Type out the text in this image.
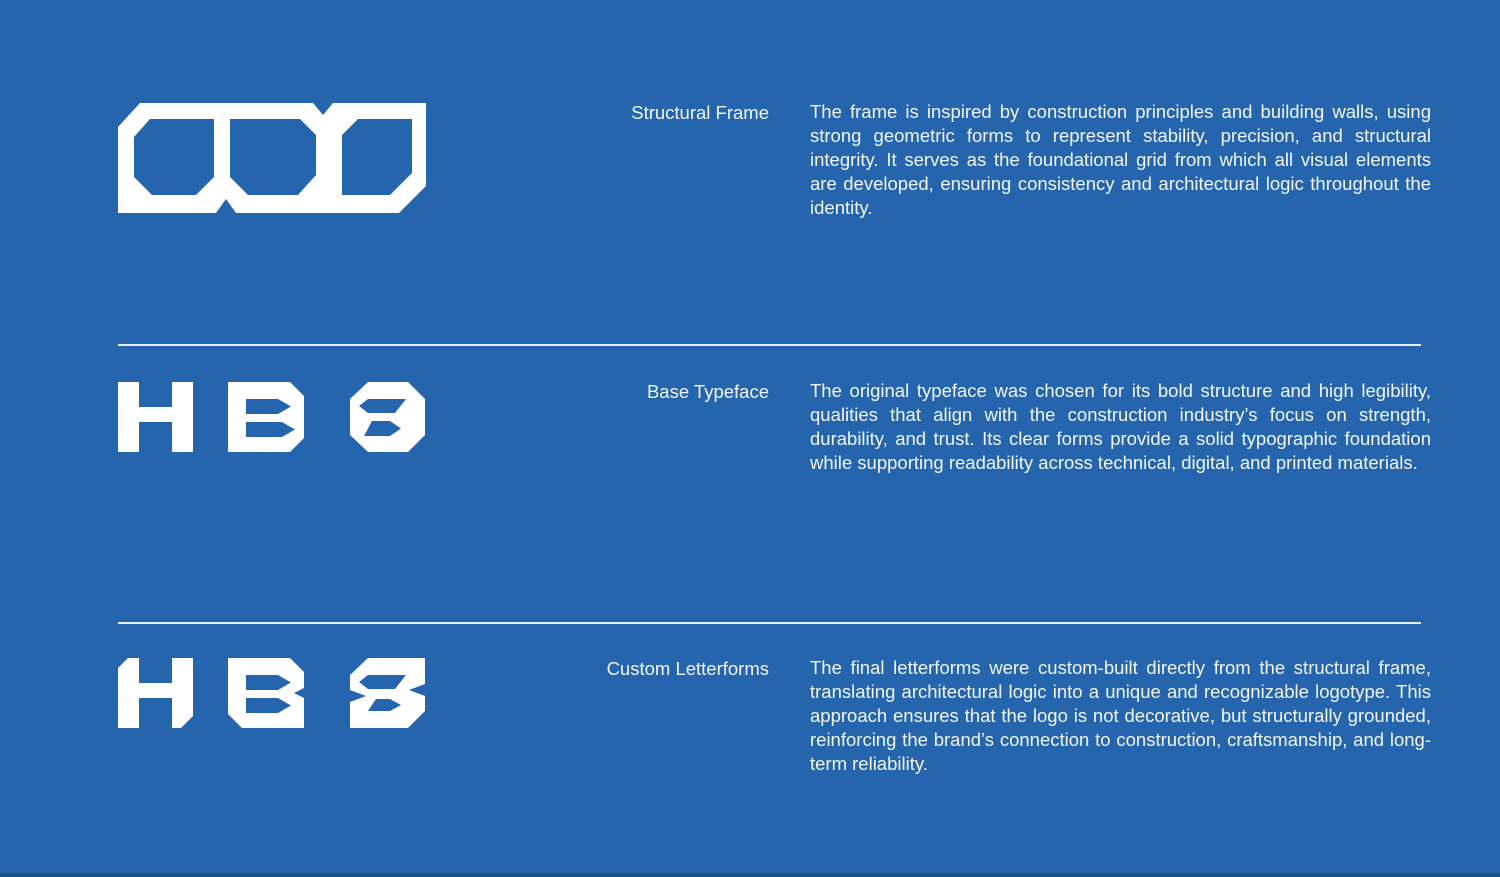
Structural Frame The frame is inspired by construction principles and building walls, using strong geometric forms to represent stability, precision, and structural integrity. It serves as the foundational grid from which all visual elements are developed, ensuring consistency and architectural logic throughout the identity.
Base Typeface The original typeface was chosen for its bold structure and high legibility, qualities that align with the construction industry’s focus on strength, durability, and trust. Its clear forms provide a solid typographic foundation while supporting readability across technical, digital, and printed materials.
Custom Letterforms The final letterforms were custom-built directly from the structural frame, translating architectural logic into a unique and recognizable logotype. This approach ensures that the logo is not decorative, but structurally grounded, reinforcing the brand’s connection to construction, craftsmanship, and long-term reliability.
